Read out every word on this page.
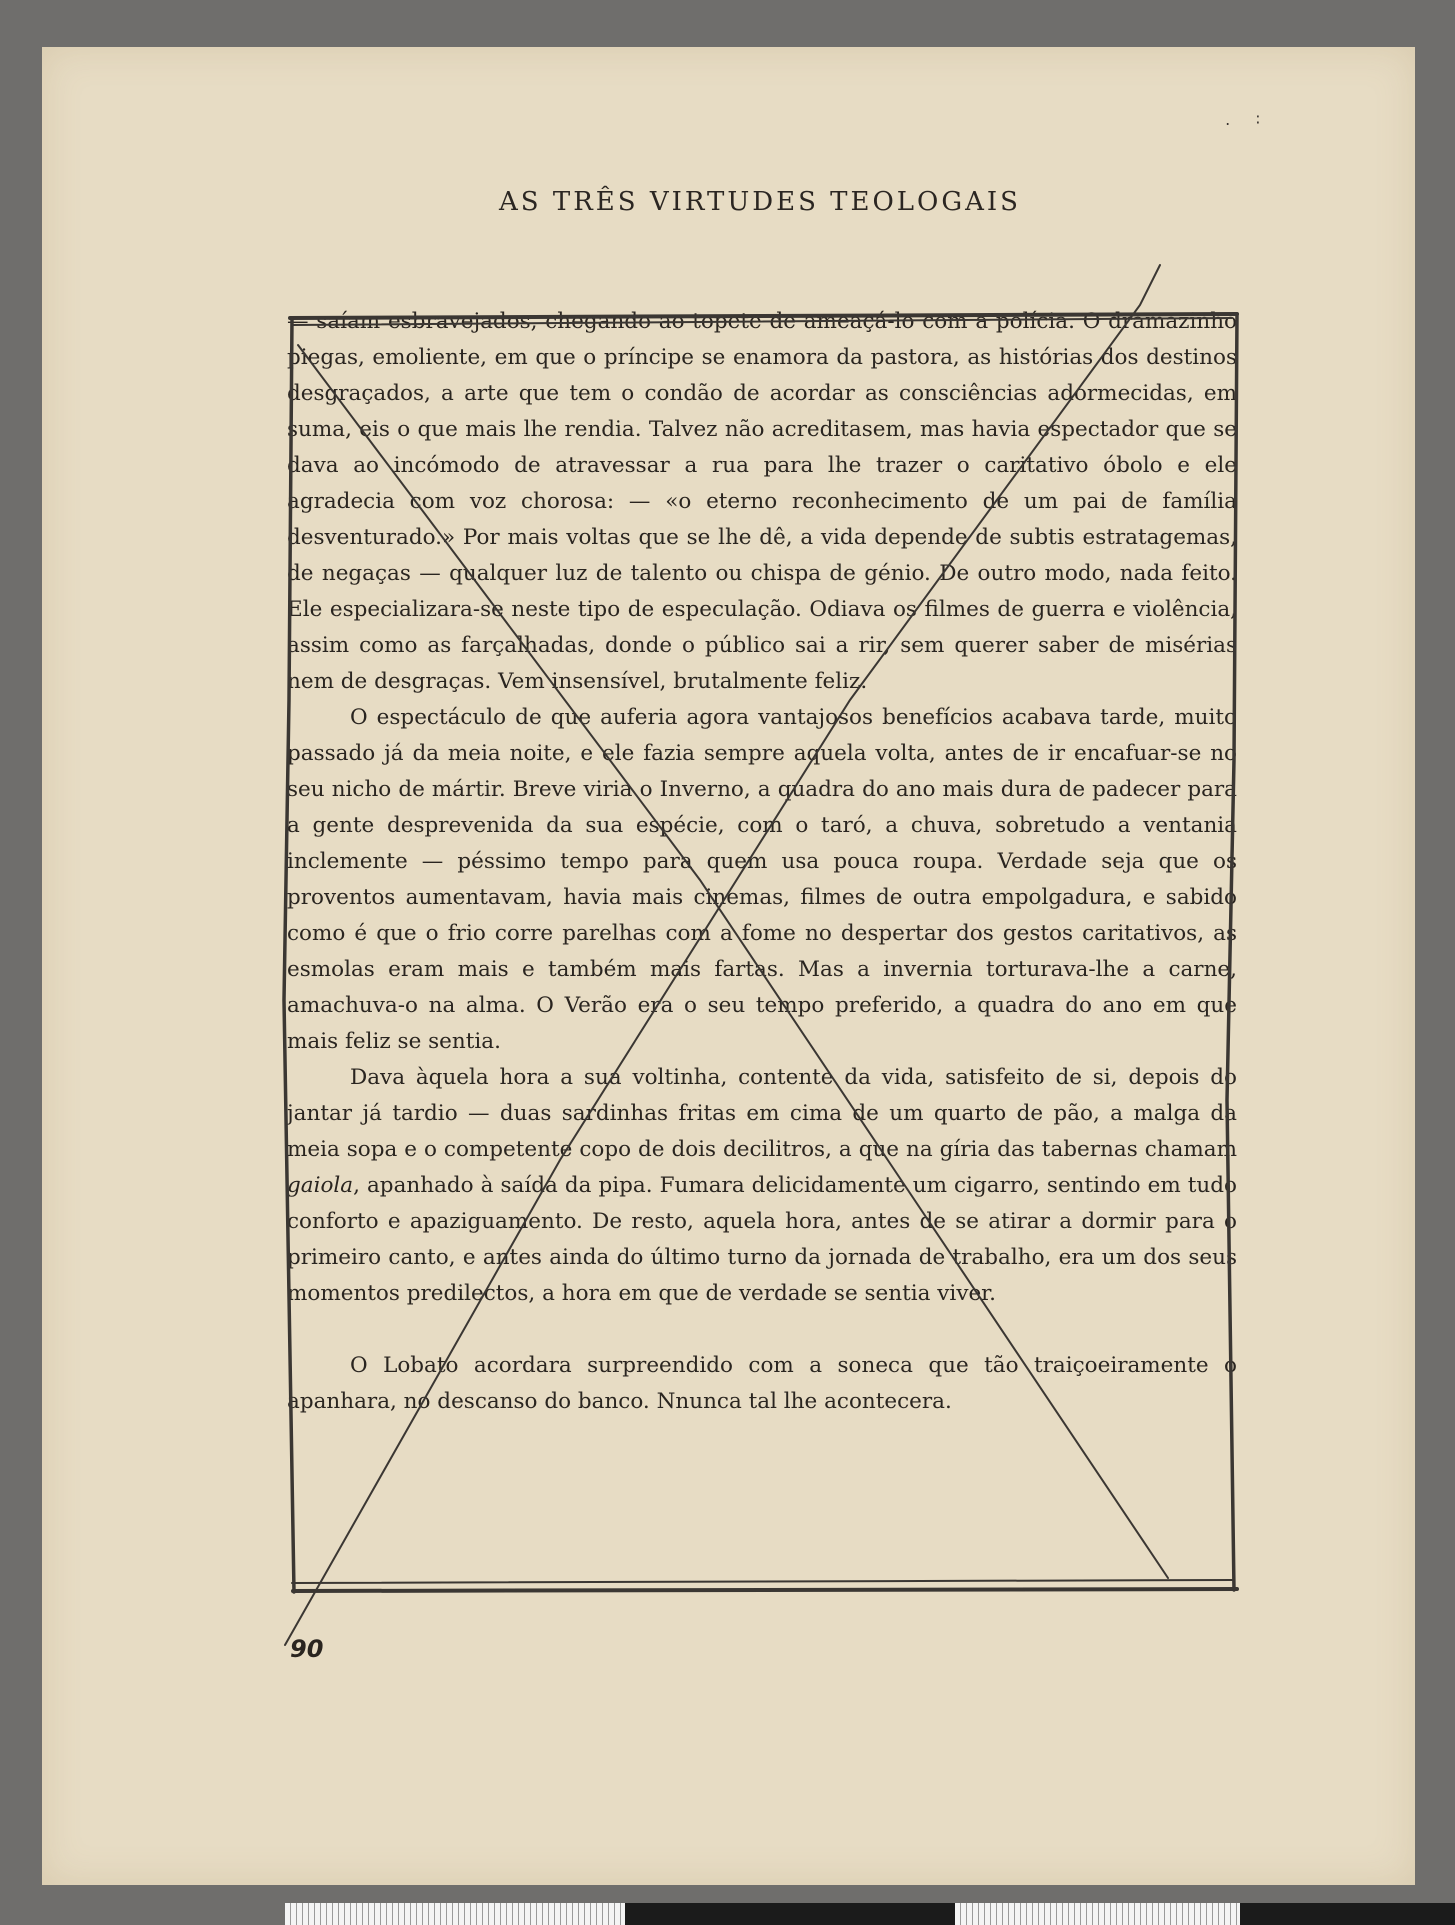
․     ∶
AS TRÊS VIRTUDES TEOLOGAIS

— saíam esbravejados, chegando ao topete de ameaçá-lo com a polícia. O dramazinho piegas, emoliente, em que o príncipe se enamora da pastora, as histórias dos destinos desgraçados, a arte que tem o condão de acordar as consciências adormecidas, em suma, eis o que mais lhe rendia. Talvez não acreditasem, mas havia espectador que se dava ao incómodo de atravessar a rua para lhe trazer o caritativo óbolo e ele agradecia com voz chorosa: — «o eterno reconhecimento de um pai de família desventurado.» Por mais voltas que se lhe dê, a vida depende de subtis estratagemas, de negaças — qualquer luz de talento ou chispa de génio. De outro modo, nada feito. Ele especializara-se neste tipo de especulação. Odiava os filmes de guerra e violência, assim como as farçalhadas, donde o público sai a rir, sem querer saber de misérias nem de desgraças. Vem insensível, brutalmente feliz.

O espectáculo de que auferia agora vantajosos benefícios acabava tarde, muito passado já da meia noite, e ele fazia sempre aquela volta, antes de ir encafuar-se no seu nicho de mártir. Breve viria o Inverno, a quadra do ano mais dura de padecer para a gente desprevenida da sua espécie, com o taró, a chuva, sobretudo a ventania inclemente — péssimo tempo para quem usa pouca roupa. Verdade seja que os proventos aumentavam, havia mais cinemas, filmes de outra empolgadura, e sabido como é que o frio corre parelhas com a fome no despertar dos gestos caritativos, as esmolas eram mais e também mais fartas. Mas a invernia torturava-lhe a carne, amachuva-o na alma. O Verão era o seu tempo preferido, a quadra do ano em que mais feliz se sentia.

Dava àquela hora a sua voltinha, contente da vida, satisfeito de si, depois do jantar já tardio — duas sardinhas fritas em cima de um quarto de pão, a malga da meia sopa e o competente copo de dois decilitros, a que na gíria das tabernas chamam gaiola, apanhado à saída da pipa. Fumara delicidamente um cigarro, sentindo em tudo conforto e apaziguamento. De resto, aquela hora, antes de se atirar a dormir para o primeiro canto, e antes ainda do último turno da jornada de trabalho, era um dos seus momentos predilectos, a hora em que de verdade se sentia viver.

O Lobato acordara surpreendido com a soneca que tão traiçoeiramente o apanhara, no descanso do banco. Nnunca tal lhe acontecera.

90
